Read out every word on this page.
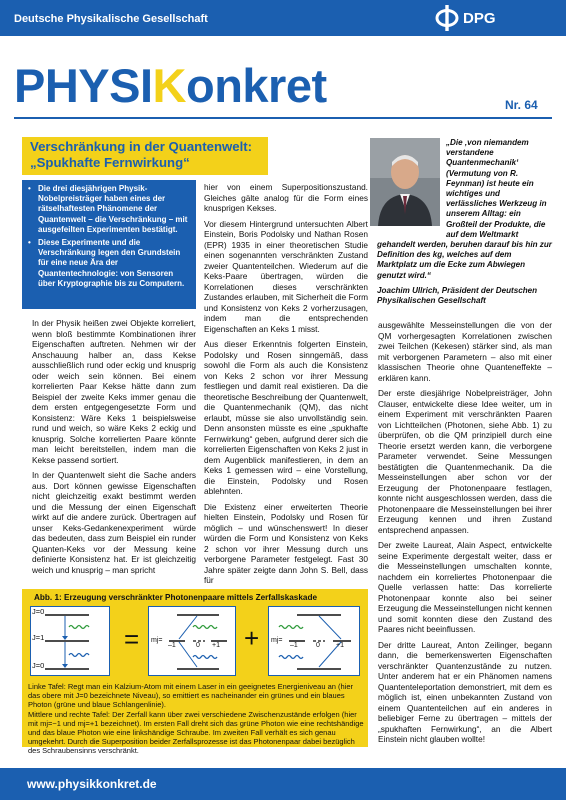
Deutsche Physikalische Gesellschaft	DPG
PHYSIKonkret	Nr. 64
Verschränkung in der Quantenwelt:
„Spukhafte Fernwirkung“
• Die drei diesjährigen Physik-Nobelpreisträger haben eines der rätselhaftesten Phänomene der Quantenwelt – die Verschränkung – mit ausgefeilten Experimenten bestätigt.
• Diese Experimente und die Verschränkung legen den Grundstein für eine neue Ära der Quantentechnologie: von Sensoren über Kryptographie bis zu Computern.

In der Physik heißen zwei Objekte korreliert, wenn bloß bestimmte Kombinationen ihrer Eigenschaften auftreten. Nehmen wir der Anschauung halber an, dass Kekse ausschließlich rund oder eckig und knusprig oder weich sein können. Bei einem korrelierten Paar Kekse hätte dann zum Beispiel der zweite Keks immer genau die dem ersten entgegengesetzte Form und Konsistenz: Wäre Keks 1 beispielsweise rund und weich, so wäre Keks 2 eckig und knusprig. Solche korrelierten Paare könnte man leicht bereitstellen, indem man die Kekse passend sortiert.

In der Quantenwelt sieht die Sache anders aus. Dort können gewisse Eigenschaften nicht gleichzeitig exakt bestimmt werden und die Messung der einen Eigenschaft wirkt auf die andere zurück. Übertragen auf unser Keks-Gedankenexperiment würde das bedeuten, dass zum Beispiel ein runder Quanten-Keks vor der Messung keine definierte Konsistenz hat. Er ist gleichzeitig weich und knusprig – man spricht

hier von einem Superpositionszustand. Gleiches gälte analog für die Form eines knusprigen Kekses.

Vor diesem Hintergrund untersuchten Albert Einstein, Boris Podolsky und Nathan Rosen (EPR) 1935 in einer theoretischen Studie einen sogenannten verschränkten Zustand zweier Quantenteilchen. Wiederum auf die Keks-Paare übertragen, würden die Korrelationen dieses verschränkten Zustandes erlauben, mit Sicherheit die Form und Konsistenz von Keks 2 vorherzusagen, indem man die entsprechenden Eigenschaften an Keks 1 misst.

Aus dieser Erkenntnis folgerten Einstein, Podolsky und Rosen sinngemäß, dass sowohl die Form als auch die Konsistenz von Keks 2 schon vor ihrer Messung festliegen und damit real existieren. Da die theoretische Beschreibung der Quantenwelt, die Quantenmechanik (QM), das nicht erlaubt, müsse sie also unvollständig sein. Denn ansonsten müsste es eine „spukhafte Fernwirkung“ geben, aufgrund derer sich die korrelierten Eigenschaften von Keks 2 just in dem Augenblick manifestieren, in dem an Keks 1 gemessen wird – eine Vorstellung, die Einstein, Podolsky und Rosen ablehnten.

Die Existenz einer erweiterten Theorie hielten Einstein, Podolsky und Rosen für möglich – und wünschenswert! In dieser würden die Form und Konsistenz von Keks 2 schon vor ihrer Messung durch uns verborgene Parameter festgelegt. Fast 30 Jahre später zeigte dann John S. Bell, dass für

„Die ‚von niemandem verstandene Quantenmechanik‘ (Vermutung von R. Feynman) ist heute ein wichtiges und verlässliches Werkzeug in unserem Alltag: ein Großteil der Produkte, die auf dem Weltmarkt
gehandelt werden, beruhen darauf bis hin zur Definition des kg, welches auf dem Marktplatz um die Ecke zum Abwiegen genutzt wird.“
Joachim Ullrich, Präsident der Deutschen Physikalischen Gesellschaft

ausgewählte Messeinstellungen die von der QM vorhergesagten Korrelationen zwischen zwei Teilchen (Kekesen) stärker sind, als man mit verborgenen Parametern – also mit einer klassischen Theorie ohne Quanteneffekte – erklären kann.

Der erste diesjährige Nobelpreisträger, John Clauser, entwickelte diese Idee weiter, um in einem Experiment mit verschränkten Paaren von Lichtteilchen (Photonen, siehe Abb. 1) zu überprüfen, ob die QM prinzipiell durch eine Theorie ersetzt werden kann, die verborgene Parameter verwendet. Seine Messungen bestätigten die Quantenmechanik. Da die Messeinstellungen aber schon vor der Erzeugung der Photonenpaare festlagen, konnte nicht ausgeschlossen werden, dass die Photonenpaare die Messeinstellungen bei ihrer Erzeugung kennen und ihren Zustand entsprechend anpassen.

Der zweite Laureat, Alain Aspect, entwickelte seine Experimente dergestalt weiter, dass er die Messeinstellungen umschalten konnte, nachdem ein korreliertes Photonenpaar die Quelle verlassen hatte: Das korrelierte Photonenpaar konnte also bei seiner Erzeugung die Messeinstellungen nicht kennen und somit konnten diese den Zustand des Paares nicht beeinflussen.

Der dritte Laureat, Anton Zeilinger, begann dann, die bemerkenswerten Eigenschaften verschränkter Quantenzustände zu nutzen. Unter anderem hat er ein Phänomen namens Quantenteleportation demonstriert, mit dem es möglich ist, einen unbekannten Zustand von einem Quantenteilchen auf ein anderes in beliebiger Ferne zu übertragen – mittels der „spukhaften Fernwirkung“, an die Albert Einstein nicht glauben wollte!

Abb. 1: Erzeugung verschränkter Photonenpaare mittels Zerfallskaskade
J=0
J=1
J=0
= mj=
–1	0 +1 + mj=
–1	0 +1
Linke Tafel: Regt man ein Kalzium-Atom mit einem Laser in ein geeignetes Energieniveau an (hier das obere mit J=0 bezeichnete Niveau), so emittiert es nacheinander ein grünes und ein blaues Photon (grüne und blaue Schlangenlinie).
Mittlere und rechte Tafel: Der Zerfall kann über zwei verschiedene Zwischenzustände erfolgen (hier mit mj=−1 und mj=+1 bezeichnet). Im ersten Fall dreht sich das grüne Photon wie eine rechtshändige und das blaue Photon wie eine linkshändige Schraube. Im zweiten Fall verhält es sich genau umgekehrt. Durch die Superposition beider Zerfallsprozesse ist das Photonenpaar dabei bezüglich des Schraubensinns verschränkt.
www.physikkonkret.de
